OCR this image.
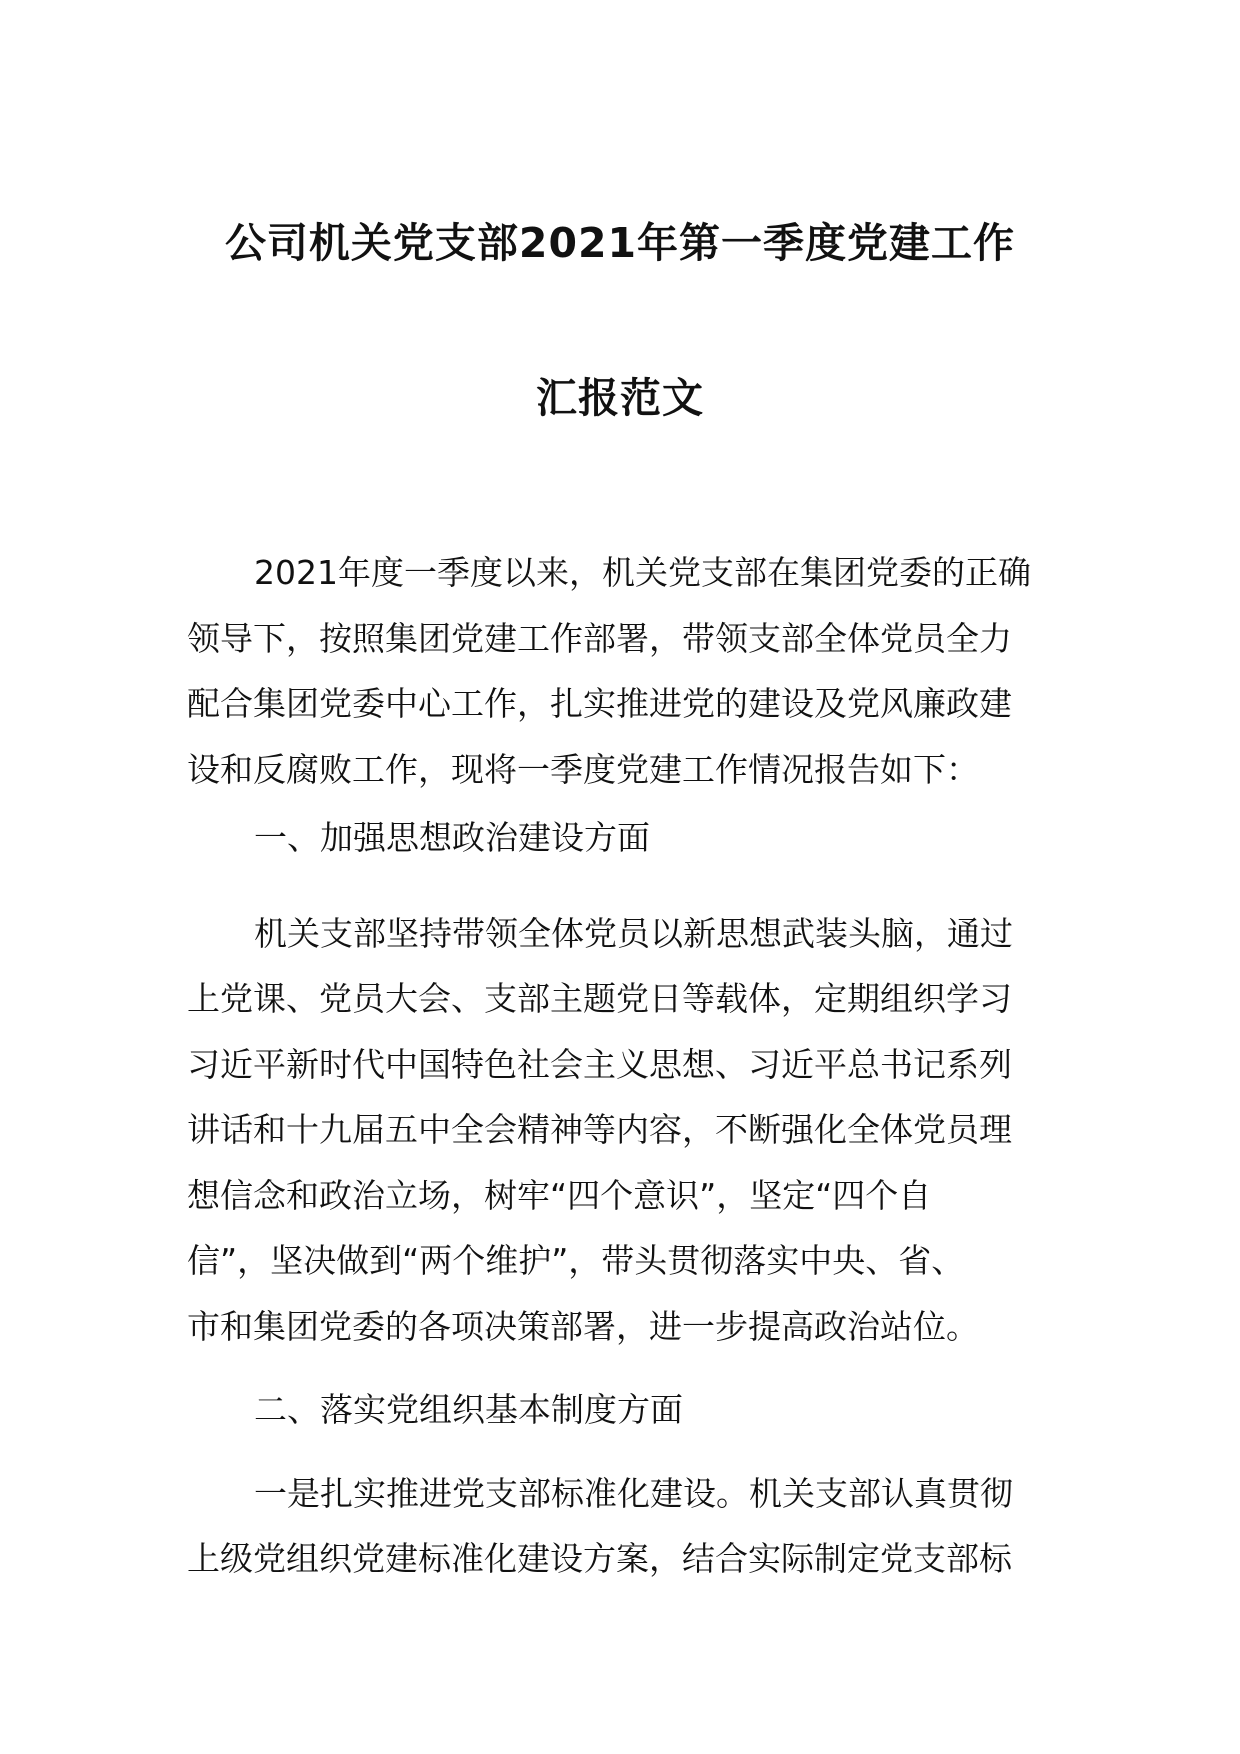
公司机关党支部2021年第一季度党建工作
汇报范文
2021年度一季度以来，机关党支部在集团党委的正确
领导下，按照集团党建工作部署，带领支部全体党员全力
配合集团党委中心工作，扎实推进党的建设及党风廉政建
设和反腐败工作，现将一季度党建工作情况报告如下：
一、加强思想政治建设方面
机关支部坚持带领全体党员以新思想武装头脑，通过
上党课、党员大会、支部主题党日等载体，定期组织学习
习近平新时代中国特色社会主义思想、习近平总书记系列
讲话和十九届五中全会精神等内容，不断强化全体党员理
想信念和政治立场，树牢“四个意识”，坚定“四个自
信”，坚决做到“两个维护”，带头贯彻落实中央、省、
市和集团党委的各项决策部署，进一步提高政治站位。
二、落实党组织基本制度方面
一是扎实推进党支部标准化建设。机关支部认真贯彻
上级党组织党建标准化建设方案，结合实际制定党支部标
